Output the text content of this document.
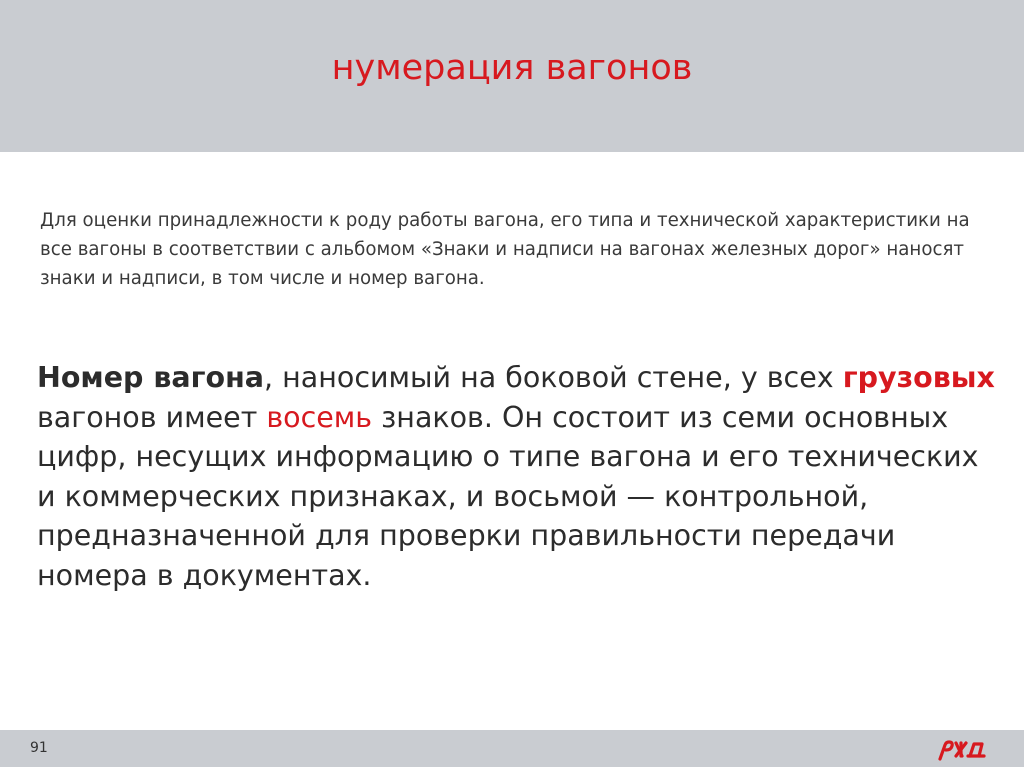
нумерация вагонов

Для оценки принадлежности к роду работы вагона, его типа и технической характеристики на все вагоны в соответствии с альбомом «Знаки и надписи на вагонах железных дорог» наносят знаки и надписи, в том числе и номер вагона.

Номер вагона, наносимый на боковой стене, у всех грузовых вагонов имеет восемь знаков. Он состоит из семи основных цифр, несущих информацию о типе вагона и его технических и коммерческих признаках, и восьмой — контрольной, предназначенной для проверки правильности передачи номера в документах.

91
